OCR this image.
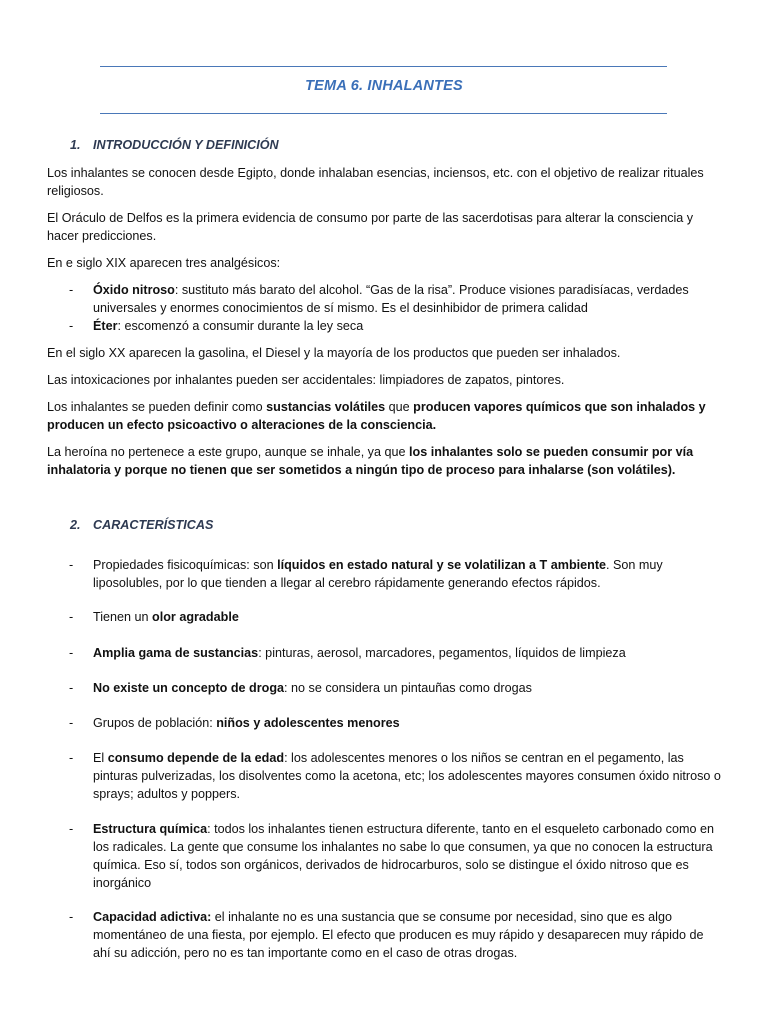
TEMA 6. INHALANTES
1. INTRODUCCIÓN Y DEFINICIÓN

Los inhalantes se conocen desde Egipto, donde inhalaban esencias, inciensos, etc. con el objetivo de realizar rituales religiosos.

El Oráculo de Delfos es la primera evidencia de consumo por parte de las sacerdotisas para alterar la consciencia y hacer predicciones.

En e siglo XIX aparecen tres analgésicos:

- Óxido nitroso: sustituto más barato del alcohol. “Gas de la risa”. Produce visiones paradisíacas, verdades universales y enormes conocimientos de sí mismo. Es el desinhibidor de primera calidad
- Éter: escomenzó a consumir durante la ley seca

En el siglo XX aparecen la gasolina, el Diesel y la mayoría de los productos que pueden ser inhalados.

Las intoxicaciones por inhalantes pueden ser accidentales: limpiadores de zapatos, pintores.

Los inhalantes se pueden definir como sustancias volátiles que producen vapores químicos que son inhalados y producen un efecto psicoactivo o alteraciones de la consciencia.

La heroína no pertenece a este grupo, aunque se inhale, ya que los inhalantes solo se pueden consumir por vía inhalatoria y porque no tienen que ser sometidos a ningún tipo de proceso para inhalarse (son volátiles).

2. CARACTERÍSTICAS
- Propiedades fisicoquímicas: son líquidos en estado natural y se volatilizan a T ambiente. Son muy liposolubles, por lo que tienden a llegar al cerebro rápidamente generando efectos rápidos.
- Tienen un olor agradable
- Amplia gama de sustancias: pinturas, aerosol, marcadores, pegamentos, líquidos de limpieza
- No existe un concepto de droga: no se considera un pintauñas como drogas
- Grupos de población: niños y adolescentes menores
- El consumo depende de la edad: los adolescentes menores o los niños se centran en el pegamento, las pinturas pulverizadas, los disolventes como la acetona, etc; los adolescentes mayores consumen óxido nitroso o sprays; adultos y poppers.
- Estructura química: todos los inhalantes tienen estructura diferente, tanto en el esqueleto carbonado como en los radicales. La gente que consume los inhalantes no sabe lo que consumen, ya que no conocen la estructura química. Eso sí, todos son orgánicos, derivados de hidrocarburos, solo se distingue el óxido nitroso que es inorgánico
- Capacidad adictiva: el inhalante no es una sustancia que se consume por necesidad, sino que es algo momentáneo de una fiesta, por ejemplo. El efecto que producen es muy rápido y desaparecen muy rápido de ahí su adicción, pero no es tan importante como en el caso de otras drogas.
